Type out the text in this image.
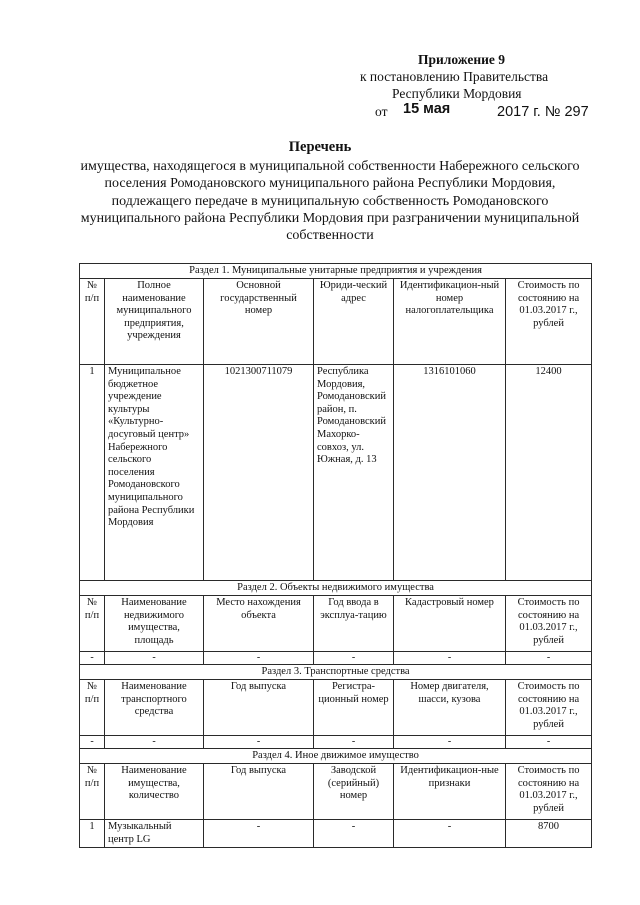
Приложение 9
к постановлению Правительства
Республики Мордовия
от 15 мая	2017 г. № 297
Перечень
имущества, находящегося в муниципальной собственности Набережного сельского поселения Ромодановского муниципального района Республики Мордовия, подлежащего передаче в муниципальную собственность Ромодановского муниципального района Республики Мордовия при разграничении муниципальной собственности
Раздел 1. Муниципальные унитарные предприятия и учреждения					
№ п/п	Полное наименование муниципального предприятия, учреждения	Основной государственный номер	Юриди-ческий адрес	Идентификацион-ный номер налогоплательщика	Стоимость по состоянию на 01.03.2017 г., рублей
1	Муниципальное бюджетное учреждение культуры «Культурно-досуговый центр» Набережного сельского поселения Ромодановского муниципального района Республики Мордовия	1021300711079	Республика Мордовия, Ромодановский район, п. Ромодановский Махорко-совхоз, ул. Южная, д. 13	1316101060	12400
Раздел 2. Объекты недвижимого имущества					
№ п/п	Наименование недвижимого имущества, площадь	Место нахождения объекта	Год ввода в эксплуа-тацию	Кадастровый номер	Стоимость по состоянию на 01.03.2017 г., рублей
-	-	-	-	-	-
Раздел 3. Транспортные средства					
№ п/п	Наименование транспортного средства	Год выпуска	Регистра-ционный номер	Номер двигателя, шасси, кузова	Стоимость по состоянию на 01.03.2017 г., рублей
-	-	-	-	-	-
Раздел 4. Иное движимое имущество					
№ п/п	Наименование имущества, количество	Год выпуска	Заводской (серийный) номер	Идентификацион-ные признаки	Стоимость по состоянию на 01.03.2017 г., рублей
1	Музыкальный центр LG	-	-	-	8700
